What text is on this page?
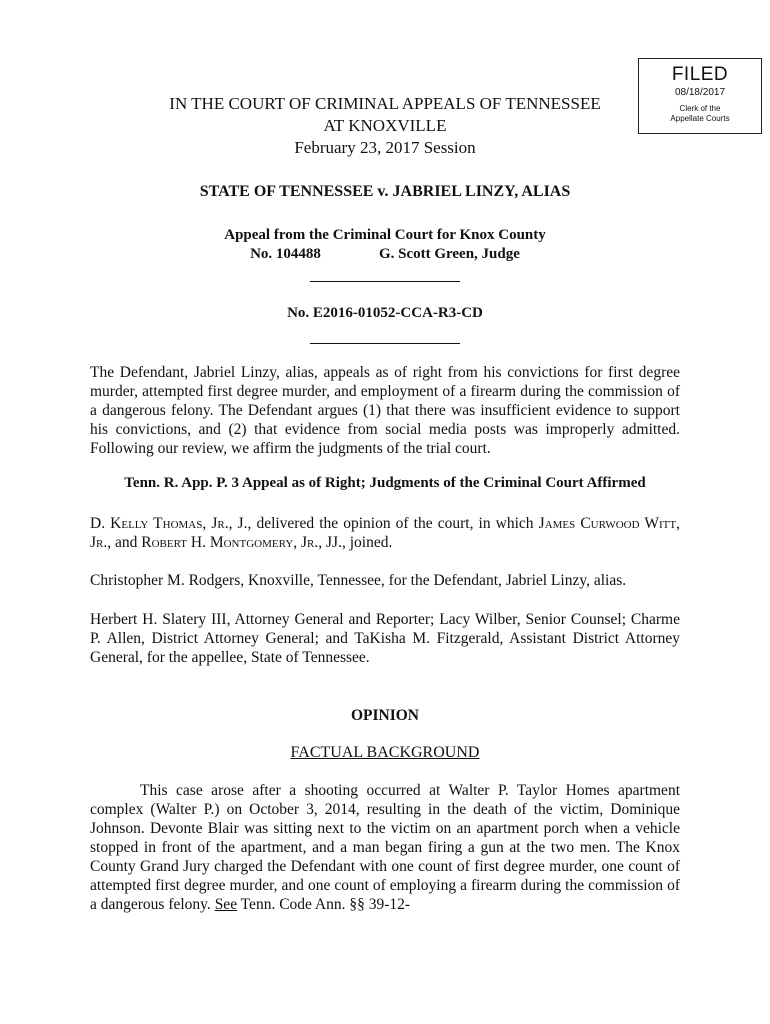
FILED
08/18/2017
Clerk of the
Appellate Courts
IN THE COURT OF CRIMINAL APPEALS OF TENNESSEE
AT KNOXVILLE
February 23, 2017 Session
STATE OF TENNESSEE v. JABRIEL LINZY, ALIAS
Appeal from the Criminal Court for Knox County
No. 104488	G. Scott Green, Judge
No. E2016-01052-CCA-R3-CD
The Defendant, Jabriel Linzy, alias, appeals as of right from his convictions for first degree murder, attempted first degree murder, and employment of a firearm during the commission of a dangerous felony. The Defendant argues (1) that there was insufficient evidence to support his convictions, and (2) that evidence from social media posts was improperly admitted. Following our review, we affirm the judgments of the trial court.
Tenn. R. App. P. 3 Appeal as of Right; Judgments of the Criminal Court Affirmed
D. Kelly Thomas, Jr., J., delivered the opinion of the court, in which James Curwood Witt, Jr., and Robert H. Montgomery, Jr., JJ., joined.
Christopher M. Rodgers, Knoxville, Tennessee, for the Defendant, Jabriel Linzy, alias.
Herbert H. Slatery III, Attorney General and Reporter; Lacy Wilber, Senior Counsel; Charme P. Allen, District Attorney General; and TaKisha M. Fitzgerald, Assistant District Attorney General, for the appellee, State of Tennessee.
OPINION
FACTUAL BACKGROUND
This case arose after a shooting occurred at Walter P. Taylor Homes apartment complex (Walter P.) on October 3, 2014, resulting in the death of the victim, Dominique Johnson. Devonte Blair was sitting next to the victim on an apartment porch when a vehicle stopped in front of the apartment, and a man began firing a gun at the two men. The Knox County Grand Jury charged the Defendant with one count of first degree murder, one count of attempted first degree murder, and one count of employing a firearm during the commission of a dangerous felony. See Tenn. Code Ann. §§ 39-12-
